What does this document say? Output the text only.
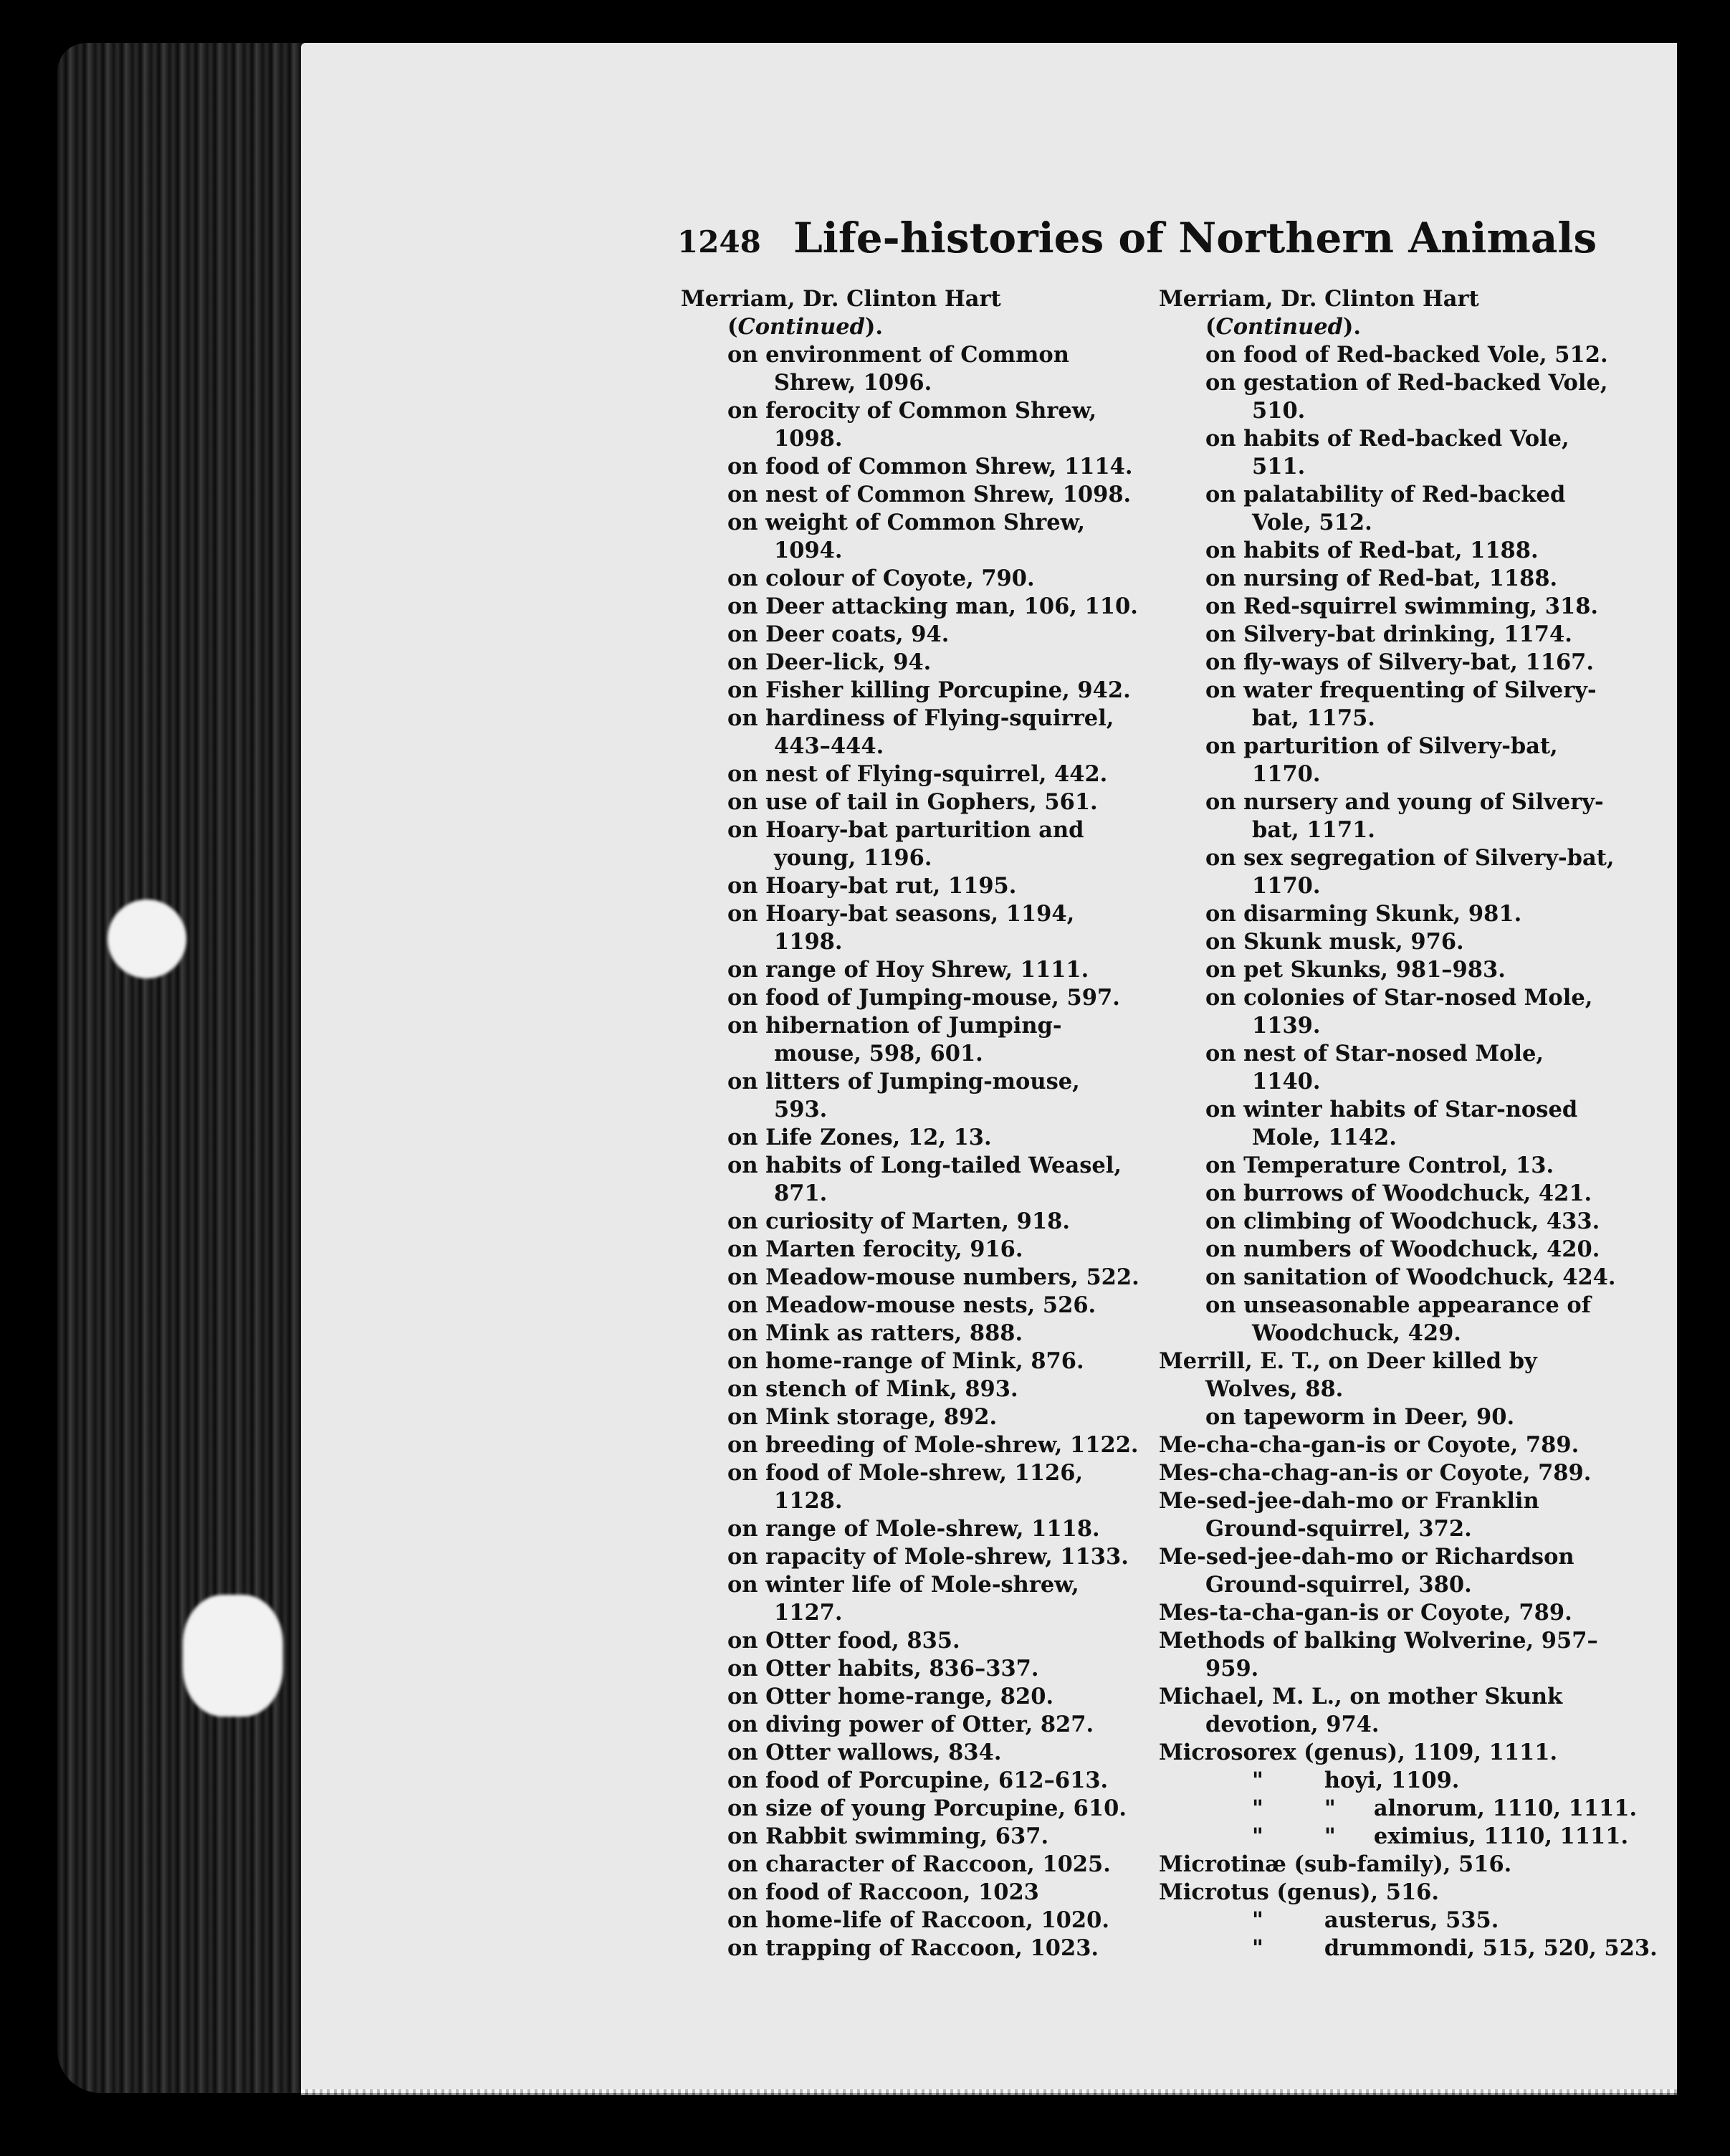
1248 Life-histories of Northern Animals

Merriam, Dr. Clinton Hart (Continued).

on environment of Common Shrew, 1096.

on ferocity of Common Shrew, 1098.

on food of Common Shrew, 1114.

on nest of Common Shrew, 1098.

on weight of Common Shrew, 1094.

on colour of Coyote, 790.

on Deer attacking man, 106, 110.

on Deer coats, 94.

on Deer-lick, 94.

on Fisher killing Porcupine, 942.

on hardiness of Flying-squirrel, 443–444.

on nest of Flying-squirrel, 442.

on use of tail in Gophers, 561.

on Hoary-bat parturition and young, 1196.

on Hoary-bat rut, 1195.

on Hoary-bat seasons, 1194, 1198.

on range of Hoy Shrew, 1111.

on food of Jumping-mouse, 597.

on hibernation of Jumping-mouse, 598, 601.

on litters of Jumping-mouse, 593.

on Life Zones, 12, 13.

on habits of Long-tailed Weasel, 871.

on curiosity of Marten, 918.

on Marten ferocity, 916.

on Meadow-mouse numbers, 522.

on Meadow-mouse nests, 526.

on Mink as ratters, 888.

on home-range of Mink, 876.

on stench of Mink, 893.

on Mink storage, 892.

on breeding of Mole-shrew, 1122.

on food of Mole-shrew, 1126, 1128.

on range of Mole-shrew, 1118.

on rapacity of Mole-shrew, 1133.

on winter life of Mole-shrew, 1127.

on Otter food, 835.

on Otter habits, 836–337.

on Otter home-range, 820.

on diving power of Otter, 827.

on Otter wallows, 834.

on food of Porcupine, 612–613.

on size of young Porcupine, 610.

on Rabbit swimming, 637.

on character of Raccoon, 1025.

on food of Raccoon, 1023

on home-life of Raccoon, 1020.

on trapping of Raccoon, 1023.

Merriam, Dr. Clinton Hart (Continued).

on food of Red-backed Vole, 512.

on gestation of Red-backed Vole, 510.

on habits of Red-backed Vole, 511.

on palatability of Red-backed Vole, 512.

on habits of Red-bat, 1188.

on nursing of Red-bat, 1188.

on Red-squirrel swimming, 318.

on Silvery-bat drinking, 1174.

on fly-ways of Silvery-bat, 1167.

on water frequenting of Silvery-bat, 1175.

on parturition of Silvery-bat, 1170.

on nursery and young of Silvery-bat, 1171.

on sex segregation of Silvery-bat, 1170.

on disarming Skunk, 981.

on Skunk musk, 976.

on pet Skunks, 981–983.

on colonies of Star-nosed Mole, 1139.

on nest of Star-nosed Mole, 1140.

on winter habits of Star-nosed Mole, 1142.

on Temperature Control, 13.

on burrows of Woodchuck, 421.

on climbing of Woodchuck, 433.

on numbers of Woodchuck, 420.

on sanitation of Woodchuck, 424.

on unseasonable appearance of Woodchuck, 429.

Merrill, E. T., on Deer killed by Wolves, 88.

on tapeworm in Deer, 90.

Me-cha-cha-gan-is or Coyote, 789.

Mes-cha-chag-an-is or Coyote, 789.

Me-sed-jee-dah-mo or Franklin Ground-squirrel, 372.

Me-sed-jee-dah-mo or Richardson Ground-squirrel, 380.

Mes-ta-cha-gan-is or Coyote, 789.

Methods of balking Wolverine, 957–959.

Michael, M. L., on mother Skunk devotion, 974.

Microsorex (genus), 1109, 1111.

"        hoyi, 1109.

"        "     alnorum, 1110, 1111.

"        "     eximius, 1110, 1111.

Microtinæ (sub-family), 516.

Microtus (genus), 516.

"        austerus, 535.

"        drummondi, 515, 520, 523.
